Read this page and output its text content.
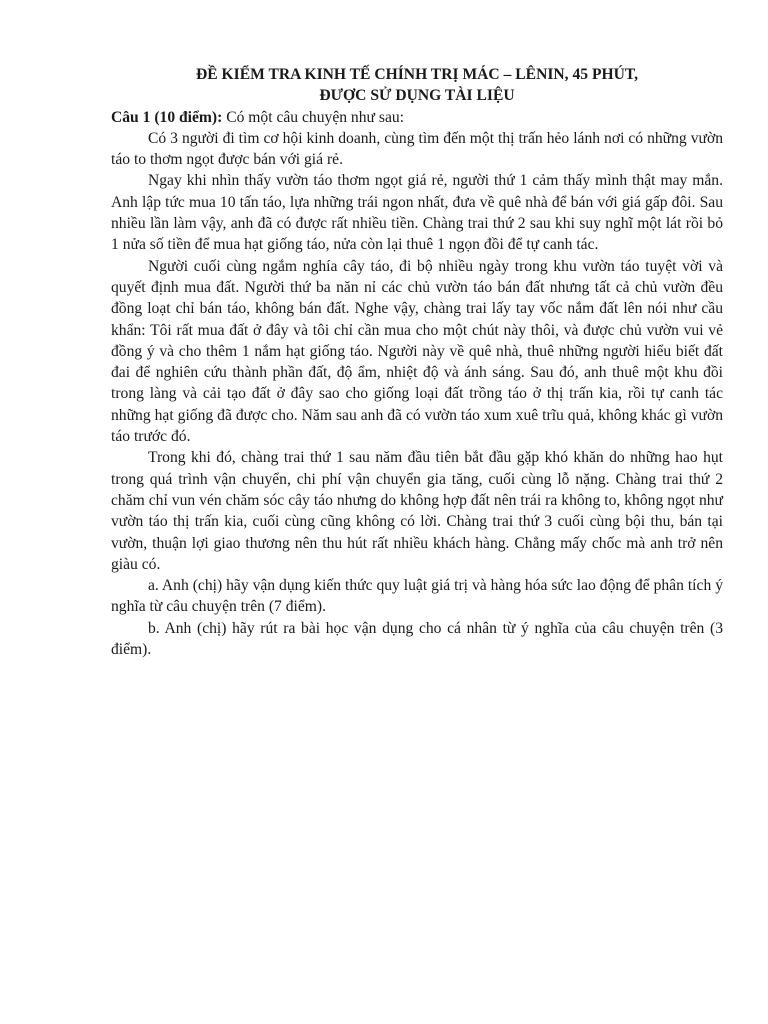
ĐỀ KIỂM TRA KINH TẾ CHÍNH TRỊ MÁC – LÊNIN, 45 PHÚT,

ĐƯỢC SỬ DỤNG TÀI LIỆU

Câu 1 (10 điểm): Có một câu chuyện như sau:

Có 3 người đi tìm cơ hội kinh doanh, cùng tìm đến một thị trấn hẻo lánh nơi có những vườn táo to thơm ngọt được bán với giá rẻ.

Ngay khi nhìn thấy vườn táo thơm ngọt giá rẻ, người thứ 1 cảm thấy mình thật may mắn. Anh lập tức mua 10 tấn táo, lựa những trái ngon nhất, đưa về quê nhà để bán với giá gấp đôi. Sau nhiều lần làm vậy, anh đã có được rất nhiều tiền. Chàng trai thứ 2 sau khi suy nghĩ một lát rồi bỏ 1 nửa số tiền để mua hạt giống táo, nửa còn lại thuê 1 ngọn đồi để tự canh tác.

Người cuối cùng ngắm nghía cây táo, đi bộ nhiều ngày trong khu vườn táo tuyệt vời và quyết định mua đất. Người thứ ba năn nỉ các chủ vườn táo bán đất nhưng tất cả chủ vườn đều đồng loạt chỉ bán táo, không bán đất. Nghe vậy, chàng trai lấy tay vốc nắm đất lên nói như cầu khẩn: Tôi rất mua đất ở đây và tôi chỉ cần mua cho một chút này thôi, và được chủ vườn vui vẻ đồng ý và cho thêm 1 nắm hạt giống táo. Người này về quê nhà, thuê những người hiểu biết đất đai để nghiên cứu thành phần đất, độ ẩm, nhiệt độ và ánh sáng. Sau đó, anh thuê một khu đồi trong làng và cải tạo đất ở đây sao cho giống loại đất trồng táo ở thị trấn kia, rồi tự canh tác những hạt giống đã được cho. Năm sau anh đã có vườn táo xum xuê trĩu quả, không khác gì vườn táo trước đó.

Trong khi đó, chàng trai thứ 1 sau năm đầu tiên bắt đầu gặp khó khăn do những hao hụt trong quá trình vận chuyển, chi phí vận chuyển gia tăng, cuối cùng lỗ nặng. Chàng trai thứ 2 chăm chỉ vun vén chăm sóc cây táo nhưng do không hợp đất nên trái ra không to, không ngọt như vườn táo thị trấn kia, cuối cùng cũng không có lời. Chàng trai thứ 3 cuối cùng bội thu, bán tại vườn, thuận lợi giao thương nên thu hút rất nhiều khách hàng. Chẳng mấy chốc mà anh trở nên giàu có.

a. Anh (chị) hãy vận dụng kiến thức quy luật giá trị và hàng hóa sức lao động để phân tích ý nghĩa từ câu chuyện trên (7 điểm).

b. Anh (chị) hãy rút ra bài học vận dụng cho cá nhân từ ý nghĩa của câu chuyện trên (3 điểm).
